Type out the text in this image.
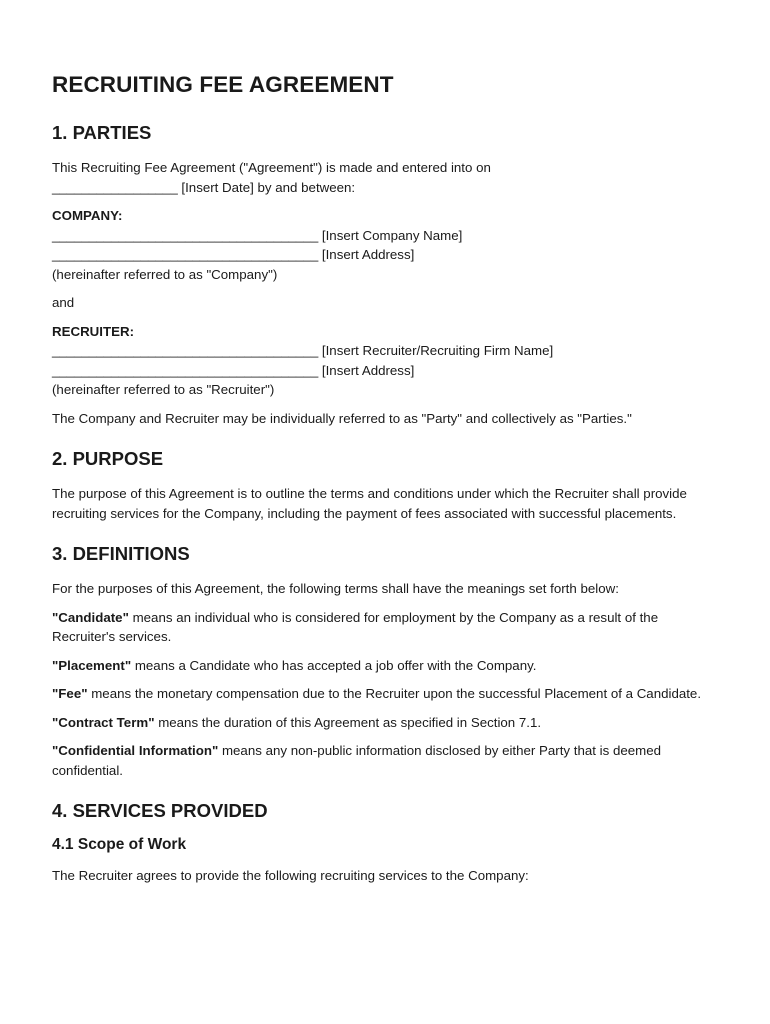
RECRUITING FEE AGREEMENT
1. PARTIES
This Recruiting Fee Agreement ("Agreement") is made and entered into on
_________________ [Insert Date] by and between:
COMPANY:
____________________________________ [Insert Company Name]
____________________________________ [Insert Address]
(hereinafter referred to as "Company")

and

RECRUITER:
____________________________________ [Insert Recruiter/Recruiting Firm Name]
____________________________________ [Insert Address]
(hereinafter referred to as "Recruiter")

The Company and Recruiter may be individually referred to as "Party" and collectively as "Parties."

2. PURPOSE

The purpose of this Agreement is to outline the terms and conditions under which the Recruiter shall provide recruiting services for the Company, including the payment of fees associated with successful placements.

3. DEFINITIONS

For the purposes of this Agreement, the following terms shall have the meanings set forth below:

"Candidate" means an individual who is considered for employment by the Company as a result of the Recruiter's services.

"Placement" means a Candidate who has accepted a job offer with the Company.

"Fee" means the monetary compensation due to the Recruiter upon the successful Placement of a Candidate.

"Contract Term" means the duration of this Agreement as specified in Section 7.1.

"Confidential Information" means any non-public information disclosed by either Party that is deemed confidential.

4. SERVICES PROVIDED
4.1 Scope of Work

The Recruiter agrees to provide the following recruiting services to the Company:
